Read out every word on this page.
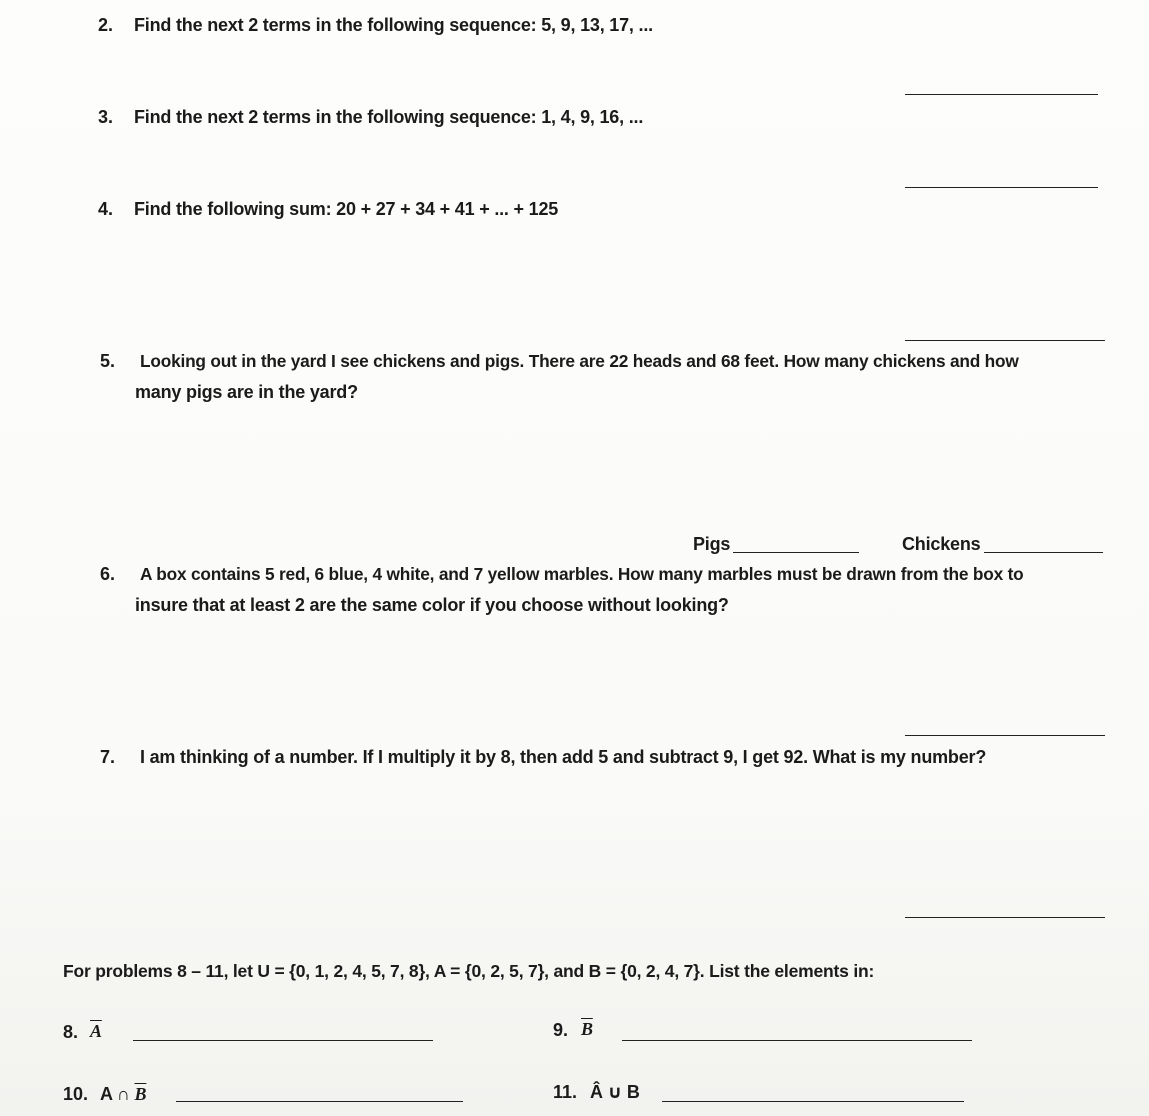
2. Find the next 2 terms in the following sequence: 5, 9, 13, 17, ...
3. Find the next 2 terms in the following sequence: 1, 4, 9, 16, ...
4. Find the following sum: 20 + 27 + 34 + 41 + ... + 125
5. Looking out in the yard I see chickens and pigs. There are 22 heads and 68 feet. How many chickens and how
many pigs are in the yard?
Pigs	Chickens
6. A box contains 5 red, 6 blue, 4 white, and 7 yellow marbles. How many marbles must be drawn from the box to
insure that at least 2 are the same color if you choose without looking?
7. I am thinking of a number. If I multiply it by 8, then add 5 and subtract 9, I get 92. What is my number?
For problems 8 – 11, let U = {0, 1, 2, 4, 5, 7, 8}, A = {0, 2, 5, 7}, and B = {0, 2, 4, 7}. List the elements in:
8. $\overline{A}$	9. $\overline{B}$
10. A ∩ $\overline{B}$	11. Â ∪ B
